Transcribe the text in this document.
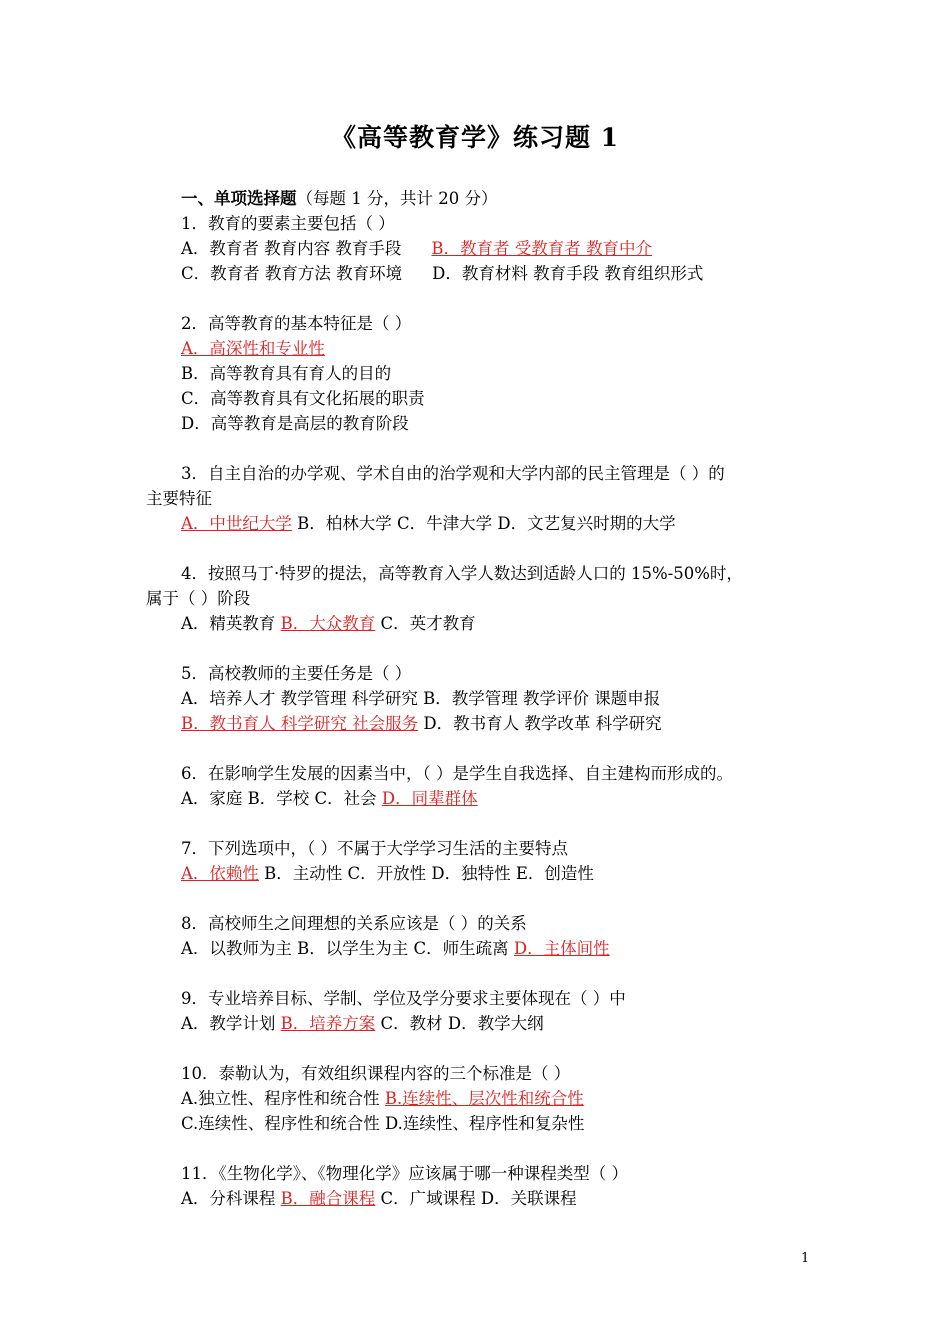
《高等教育学》练习题 1
一、单项选择题（每题 1 分，共计 20 分）
1．教育的要素主要包括（ ）
A．教育者 教育内容 教育手段 B．教育者 受教育者 教育中介
C．教育者 教育方法 教育环境 D．教育材料 教育手段 教育组织形式
2．高等教育的基本特征是（ ）
A．高深性和专业性
B．高等教育具有育人的目的
C．高等教育具有文化拓展的职责
D．高等教育是高层的教育阶段
3．自主自治的办学观、学术自由的治学观和大学内部的民主管理是（ ）的
主要特征
A．中世纪大学 B．柏林大学 C．牛津大学 D．文艺复兴时期的大学
4．按照马丁·特罗的提法，高等教育入学人数达到适龄人口的 15%-50%时，
属于（ ）阶段
A．精英教育 B．大众教育 C．英才教育
5．高校教师的主要任务是（ ）
A．培养人才 教学管理 科学研究 B．教学管理 教学评价 课题申报
B．教书育人 科学研究 社会服务 D．教书育人 教学改革 科学研究
6．在影响学生发展的因素当中，（ ）是学生自我选择、自主建构而形成的。
A．家庭 B．学校 C．社会 D．同辈群体
7．下列选项中，（ ）不属于大学学习生活的主要特点
A．依赖性 B．主动性 C．开放性 D．独特性 E．创造性
8．高校师生之间理想的关系应该是（ ）的关系
A．以教师为主 B．以学生为主 C．师生疏离 D．主体间性
9．专业培养目标、学制、学位及学分要求主要体现在（ ）中
A．教学计划 B．培养方案 C．教材 D．教学大纲
10．泰勒认为，有效组织课程内容的三个标准是（ ）
A.独立性、程序性和统合性 B.连续性、层次性和统合性
C.连续性、程序性和统合性 D.连续性、程序性和复杂性
11．《生物化学》、《物理化学》应该属于哪一种课程类型（ ）
A．分科课程 B．融合课程 C．广域课程 D．关联课程
1
